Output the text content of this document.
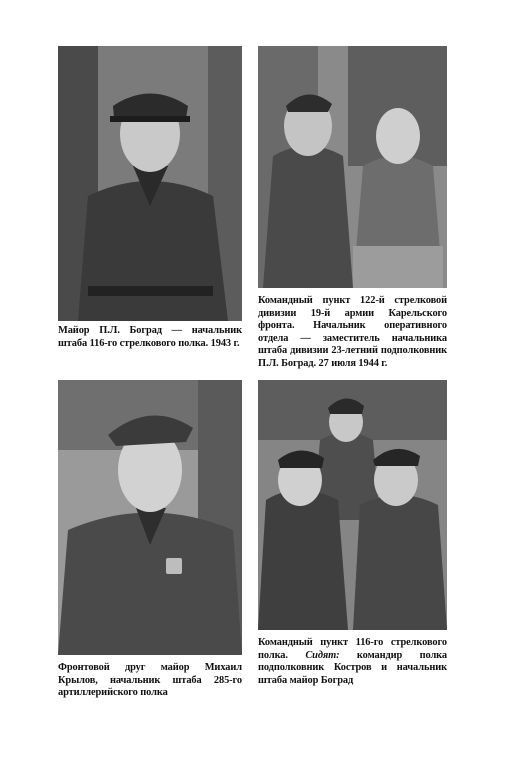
Майор П.Л. Боград — начальник штаба 116-го стрелкового полка. 1943 г.
Командный пункт 122-й стрелковой дивизии 19-й армии Карельского фронта. Начальник оперативного отдела — заместитель начальника штаба дивизии 23-летний подполковник П.Л. Боград. 27 июля 1944 г.
Фронтовой друг майор Михаил Крылов, начальник штаба 285-го артиллерийского полка
Командный пункт 116-го стрелкового полка. Сидят: командир полка подполковник Костров и начальник штаба майор Боград
